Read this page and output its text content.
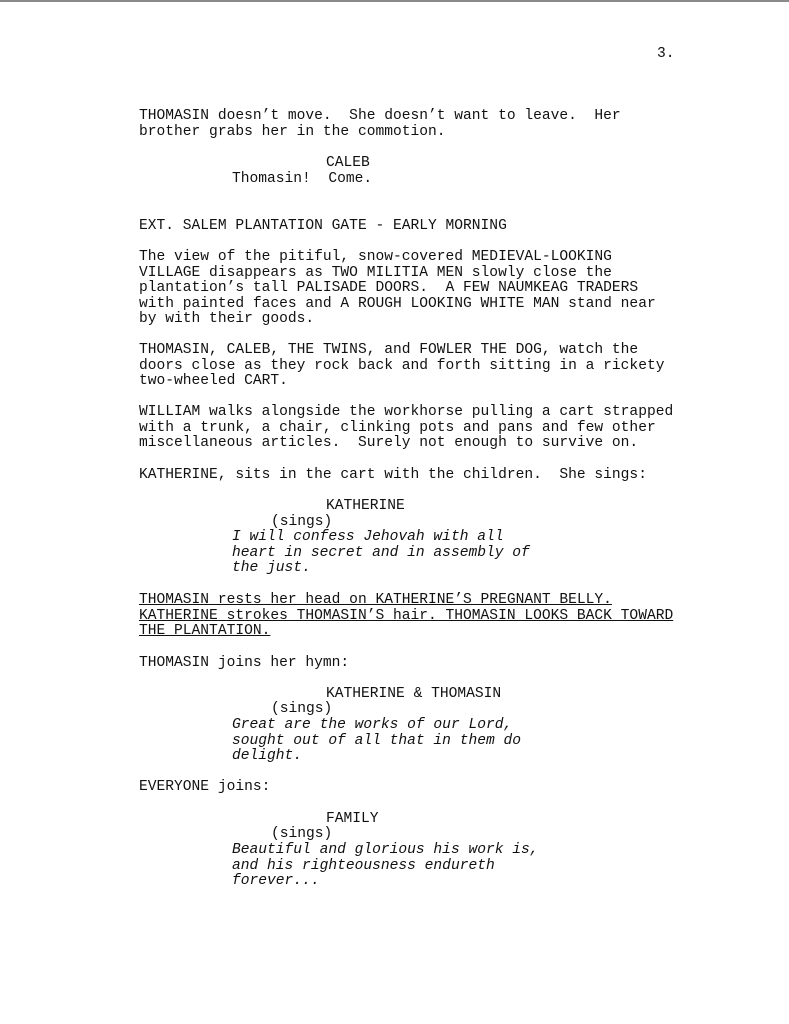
3.
THOMASIN doesn’t move.  She doesn’t want to leave.  Her
brother grabs her in the commotion.
CALEB
Thomasin!  Come.
EXT. SALEM PLANTATION GATE - EARLY MORNING
The view of the pitiful, snow-covered MEDIEVAL-LOOKING
VILLAGE disappears as TWO MILITIA MEN slowly close the
plantation’s tall PALISADE DOORS.  A FEW NAUMKEAG TRADERS
with painted faces and A ROUGH LOOKING WHITE MAN stand near
by with their goods.
THOMASIN, CALEB, THE TWINS, and FOWLER THE DOG, watch the
doors close as they rock back and forth sitting in a rickety
two-wheeled CART.
WILLIAM walks alongside the workhorse pulling a cart strapped
with a trunk, a chair, clinking pots and pans and few other
miscellaneous articles.  Surely not enough to survive on.
KATHERINE, sits in the cart with the children.  She sings:
KATHERINE
(sings)
I will confess Jehovah with all
heart in secret and in assembly of
the just.
THOMASIN rests her head on KATHERINE’S PREGNANT BELLY.
KATHERINE strokes THOMASIN’S hair. THOMASIN LOOKS BACK TOWARD
THE PLANTATION.
THOMASIN joins her hymn:
KATHERINE & THOMASIN
(sings)
Great are the works of our Lord,
sought out of all that in them do
delight.
EVERYONE joins:
FAMILY
(sings)
Beautiful and glorious his work is,
and his righteousness endureth
forever...
